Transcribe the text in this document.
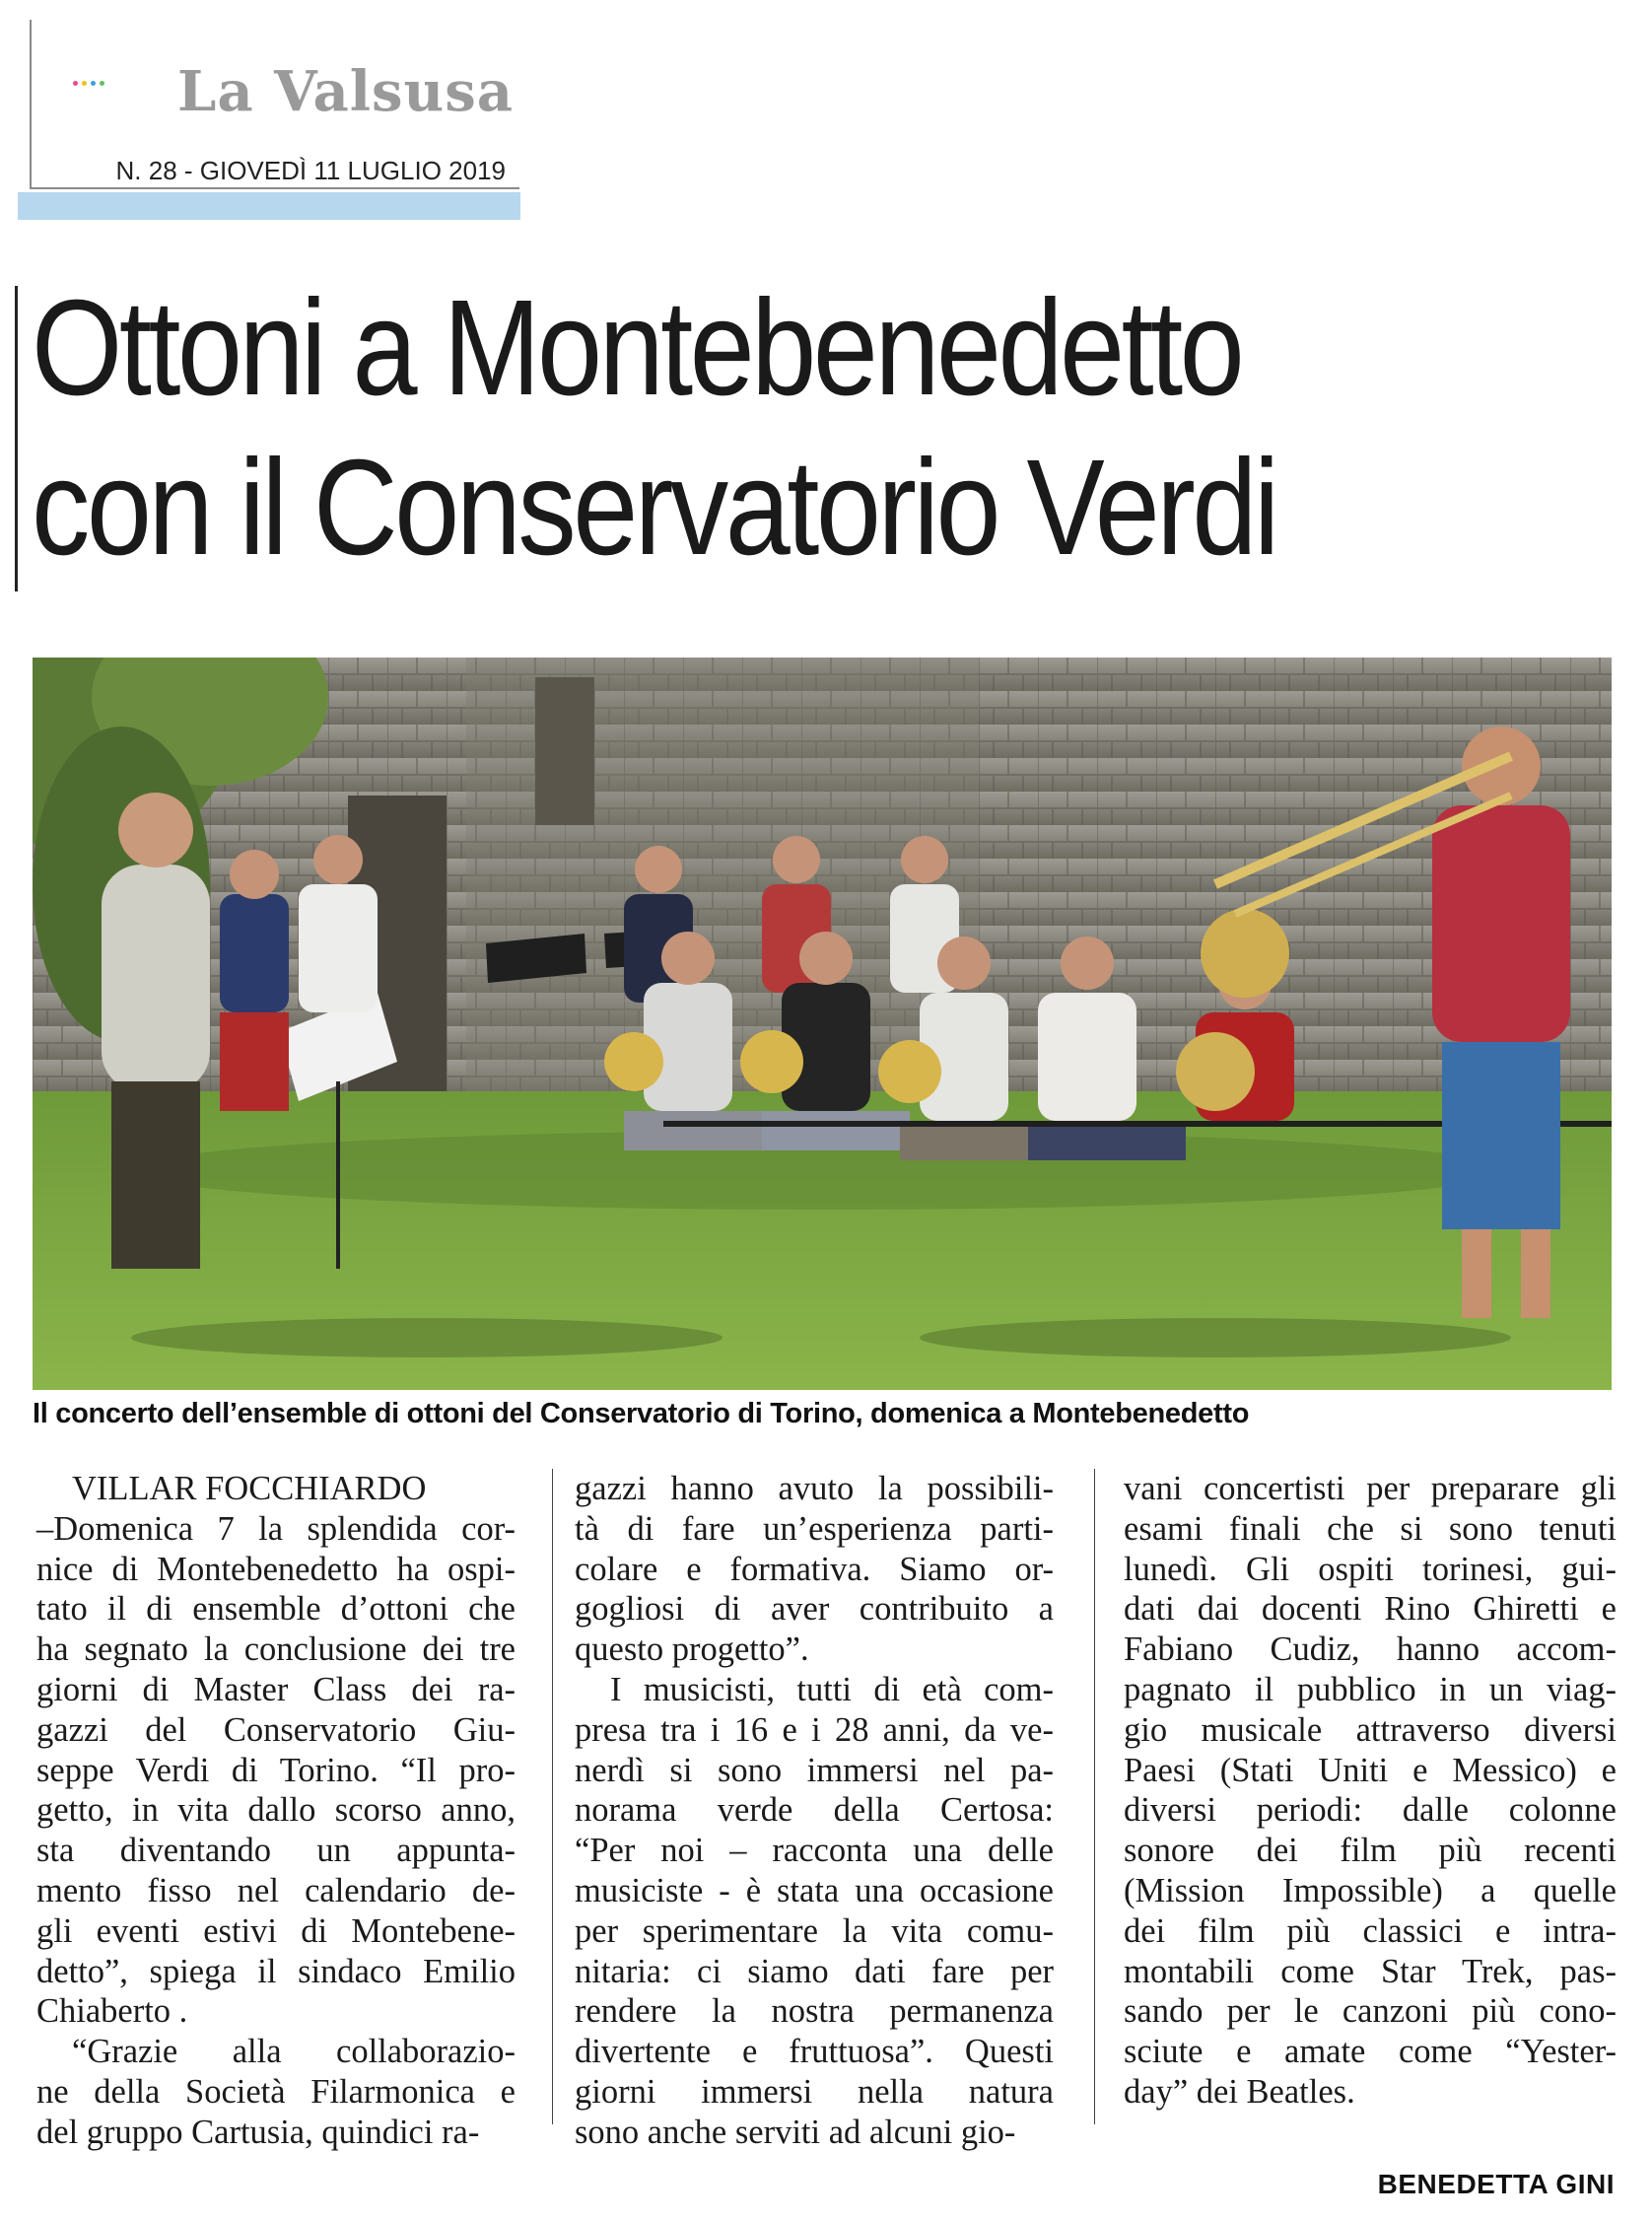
La Valsusa
N. 28 - GIOVEDÌ 11 LUGLIO 2019
Ottoni a Montebenedetto
con il Conservatorio Verdi
Il concerto dell’ensemble di ottoni del Conservatorio di Torino, domenica a Montebenedetto
VILLAR FOCCHIARDO
–Domenica 7 la splendida cor-
nice di Montebenedetto ha ospi-
tato il di ensemble d’ottoni che
ha segnato la conclusione dei tre
giorni di Master Class dei ra-
gazzi del Conservatorio Giu-
seppe Verdi di Torino. “Il pro-
getto, in vita dallo scorso anno,
sta diventando un appunta-
mento fisso nel calendario de-
gli eventi estivi di Montebene-
detto”, spiega il sindaco Emilio
Chiaberto .
“Grazie alla collaborazio-
ne della Società Filarmonica e
del gruppo Cartusia, quindici ra-
gazzi hanno avuto la possibili-
tà di fare un’esperienza parti-
colare e formativa. Siamo or-
gogliosi di aver contribuito a
questo progetto”.
I musicisti, tutti di età com-
presa tra i 16 e i 28 anni, da ve-
nerdì si sono immersi nel pa-
norama verde della Certosa:
“Per noi – racconta una delle
musiciste - è stata una occasione
per sperimentare la vita comu-
nitaria: ci siamo dati fare per
rendere la nostra permanenza
divertente e fruttuosa”. Questi
giorni immersi nella natura
sono anche serviti ad alcuni gio-
vani concertisti per preparare gli
esami finali che si sono tenuti
lunedì. Gli ospiti torinesi, gui-
dati dai docenti Rino Ghiretti e
Fabiano Cudiz, hanno accom-
pagnato il pubblico in un viag-
gio musicale attraverso diversi
Paesi (Stati Uniti e Messico) e
diversi periodi: dalle colonne
sonore dei film più recenti
(Mission Impossible) a quelle
dei film più classici e intra-
montabili come Star Trek, pas-
sando per le canzoni più cono-
sciute e amate come “Yester-
day” dei Beatles.
BENEDETTA GINI
